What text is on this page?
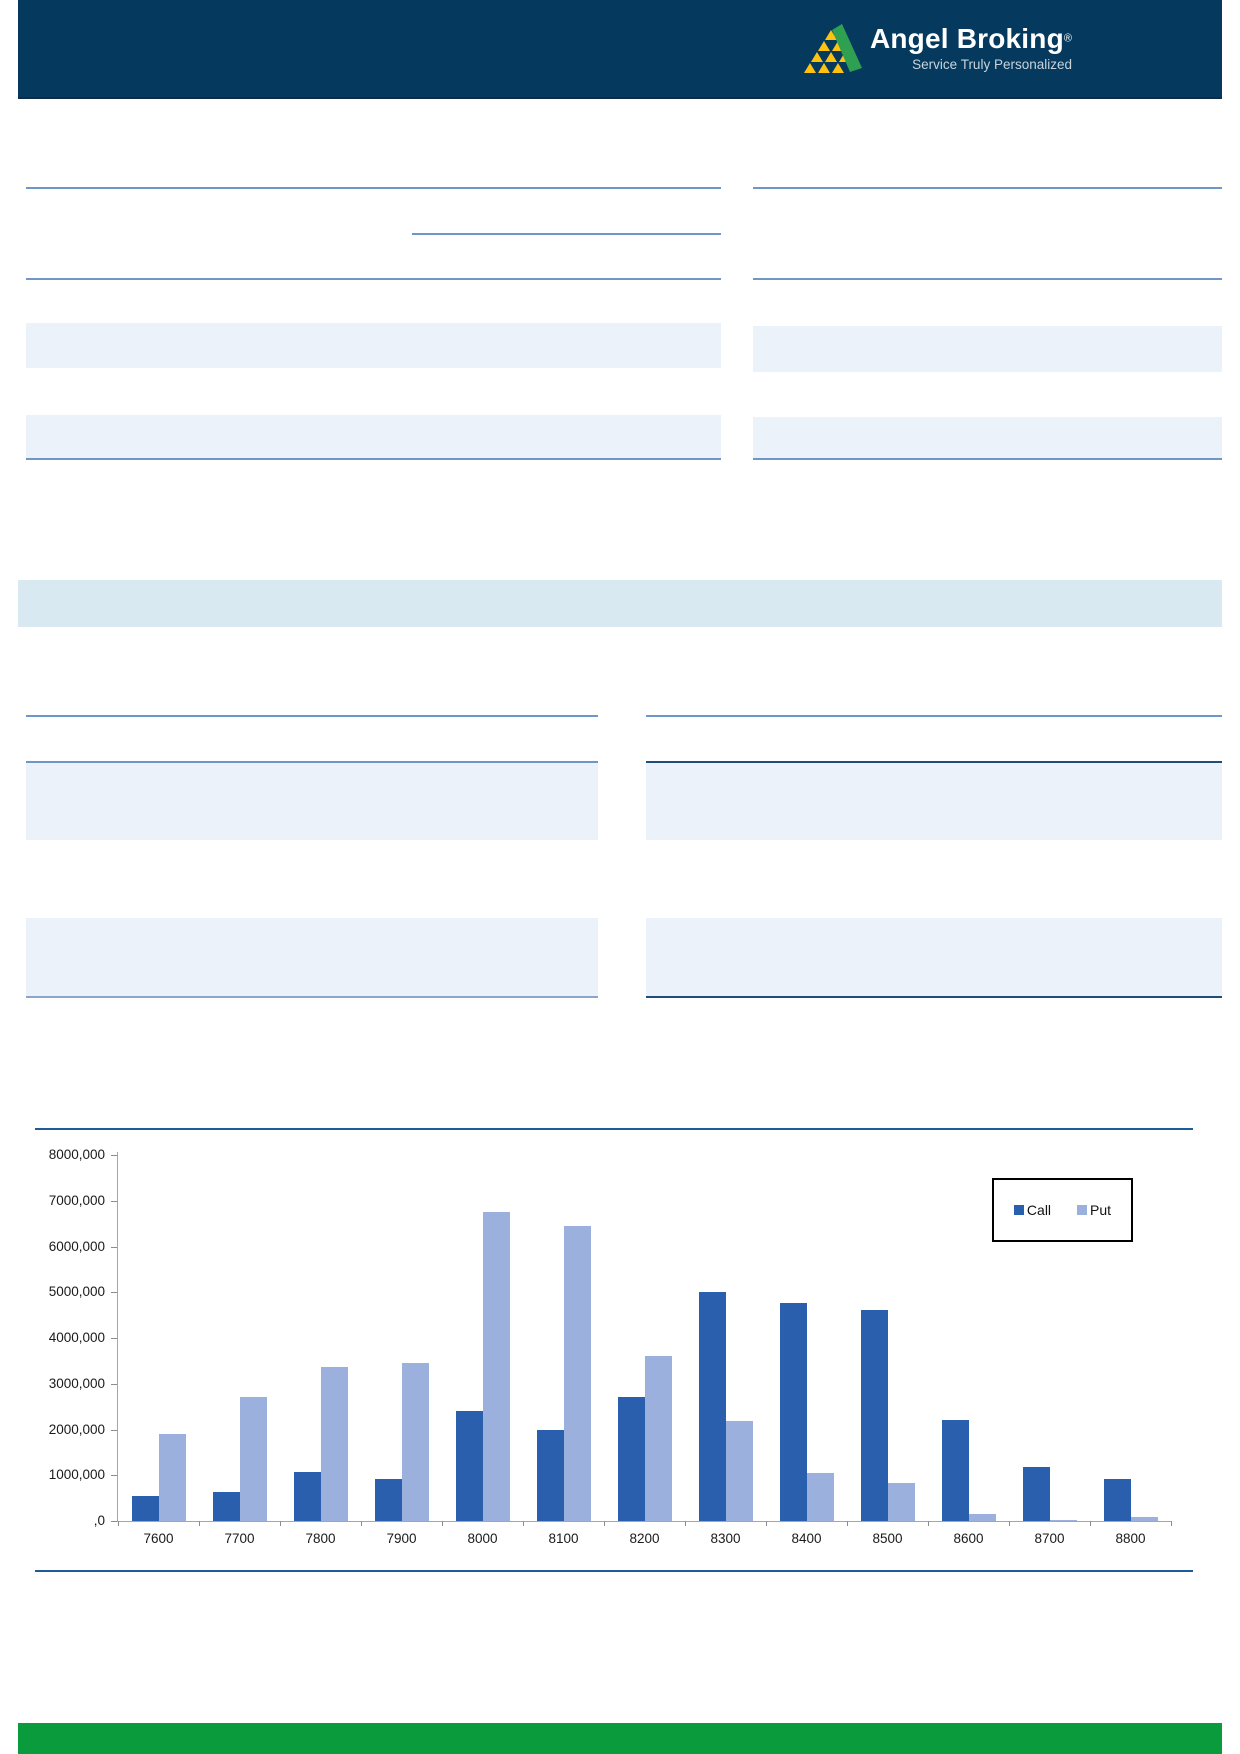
Angel Broking®
Service Truly Personalized
Call	Put
8000,000
7000,000
6000,000
5000,000
4000,000
3000,000
2000,000
1000,000
,0
7600	7700	7800	7900	8000	8100	8200	8300	8400	8500	8600	8700	8800
